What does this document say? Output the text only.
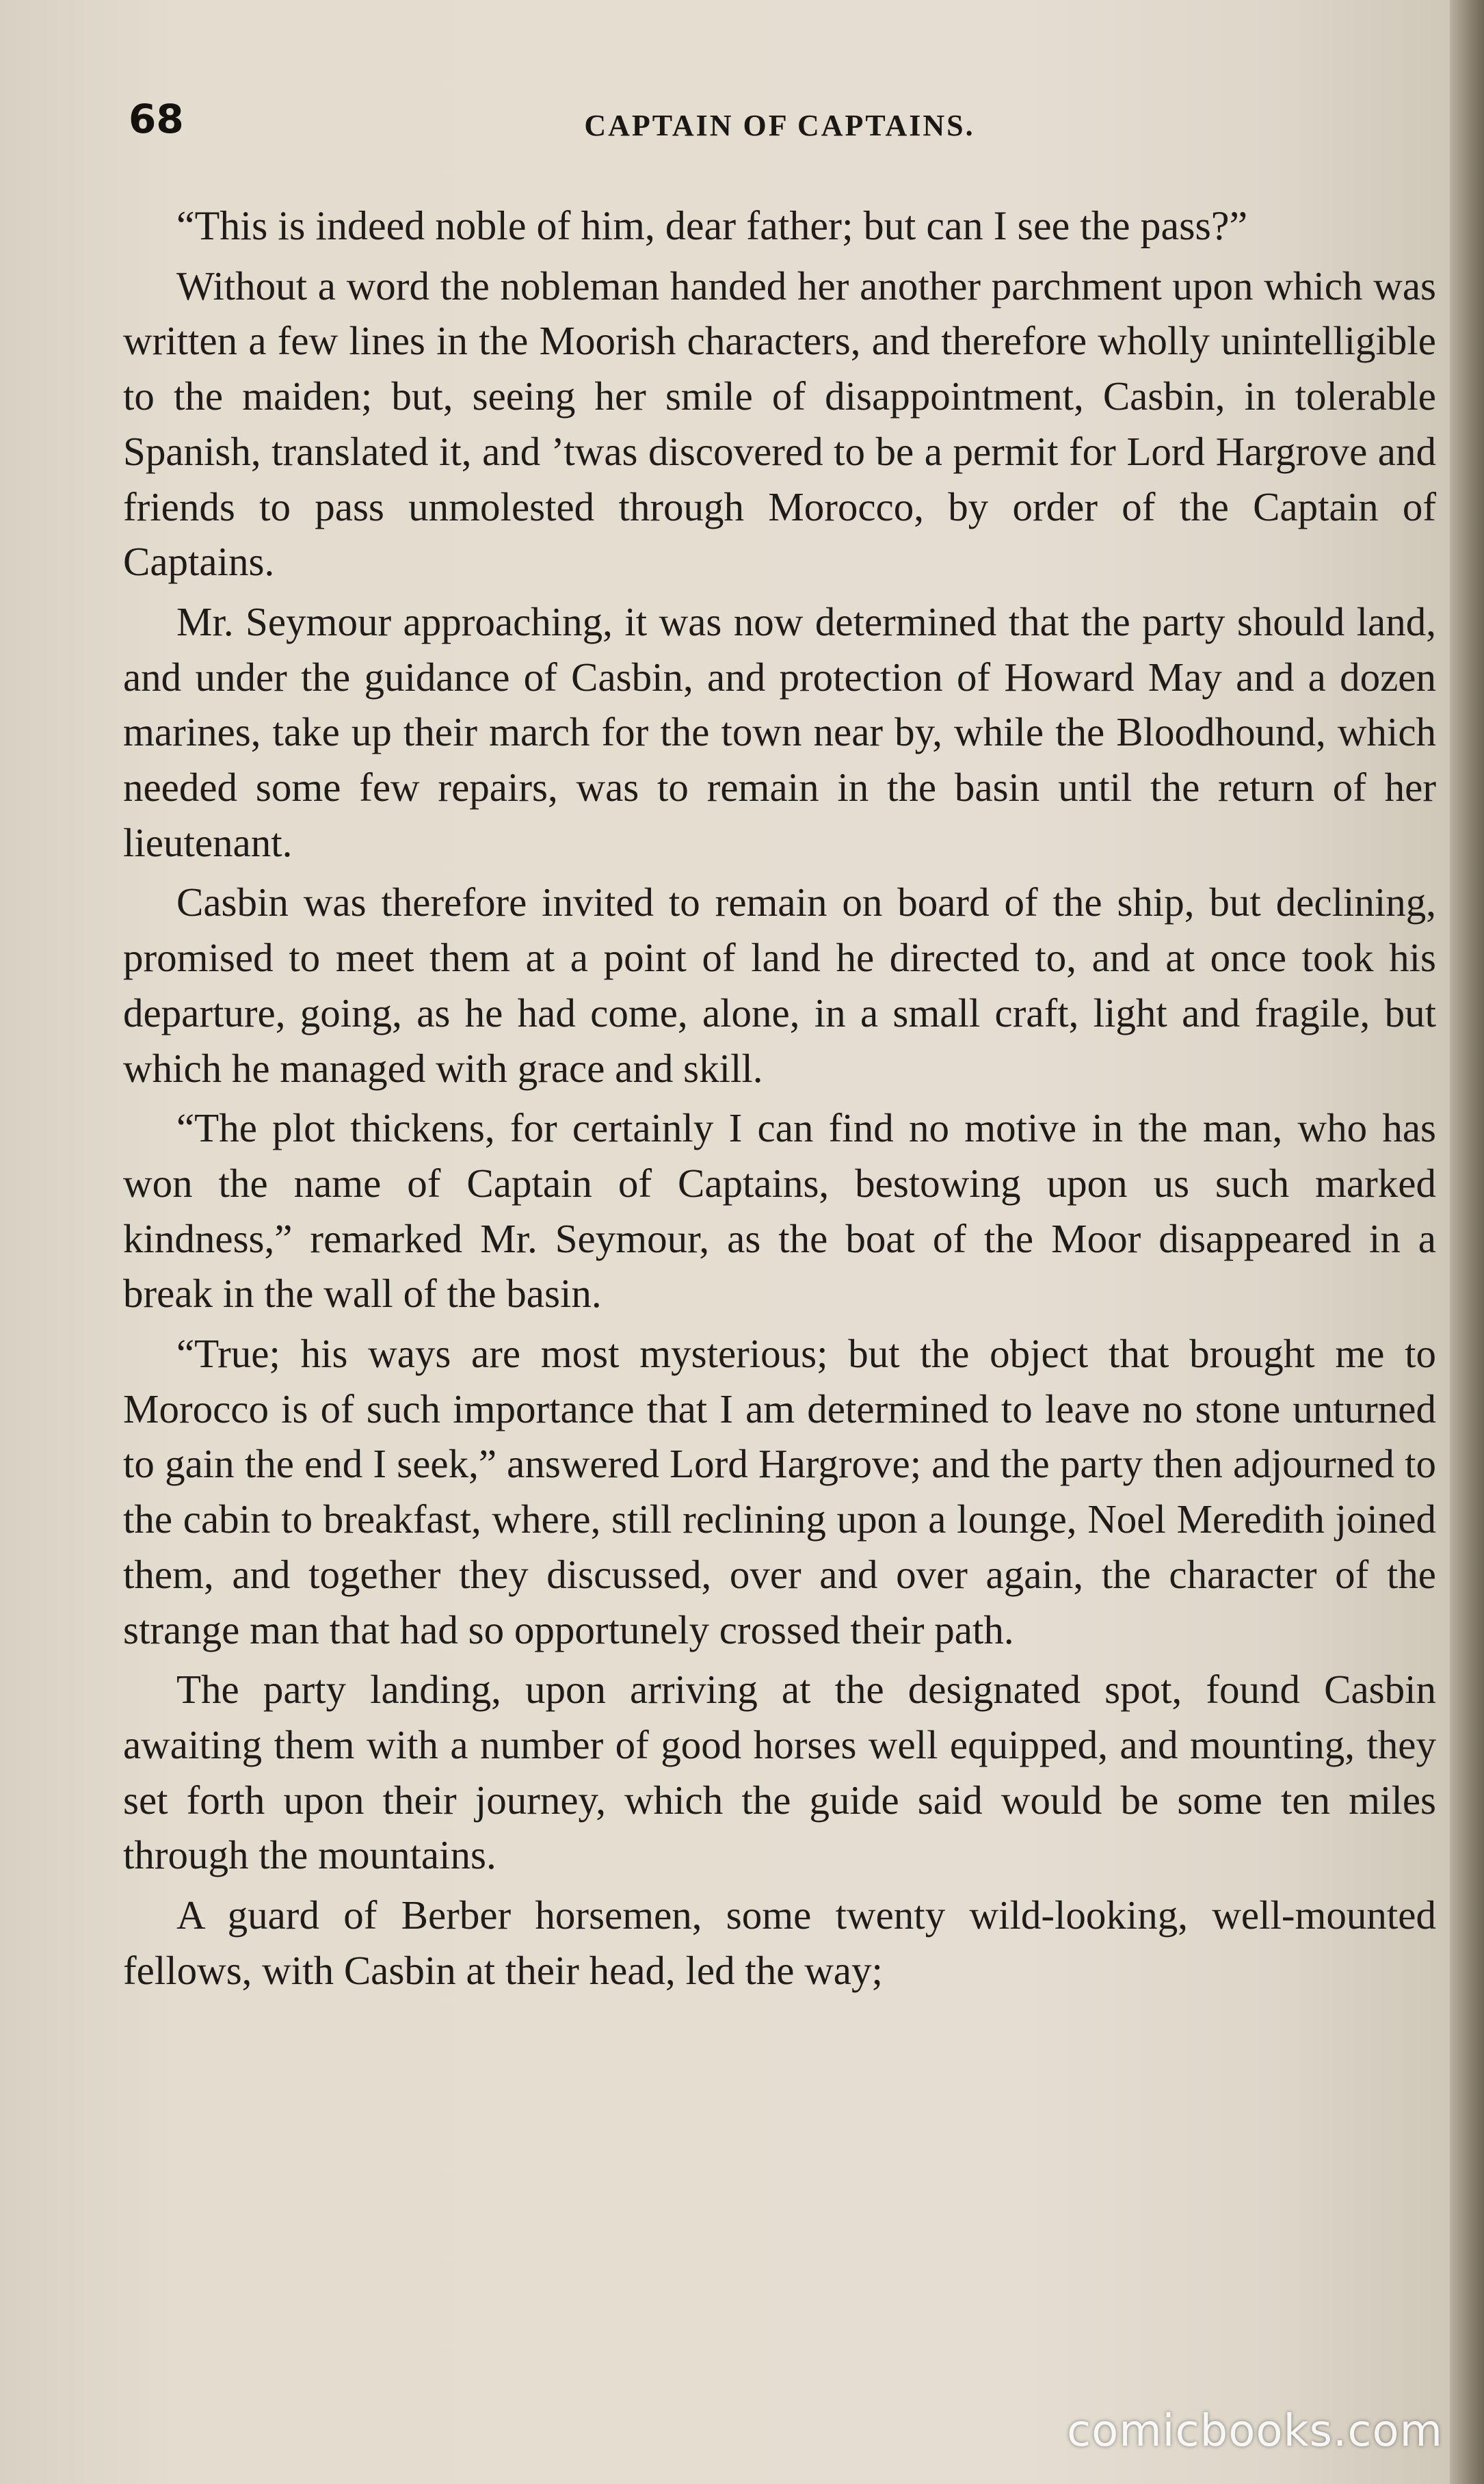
68	CAPTAIN OF CAPTAINS.

“This is indeed noble of him, dear father; but can I see the pass?”

Without a word the nobleman handed her another parchment upon which was written a few lines in the Moorish characters, and therefore wholly unintelligible to the maiden; but, seeing her smile of disappointment, Casbin, in tolerable Spanish, translated it, and ’twas discovered to be a permit for Lord Hargrove and friends to pass unmolested through Morocco, by order of the Captain of Captains.

Mr. Seymour approaching, it was now determined that the party should land, and under the guidance of Casbin, and protection of Howard May and a dozen marines, take up their march for the town near by, while the Bloodhound, which needed some few repairs, was to remain in the basin until the return of her lieutenant.

Casbin was therefore invited to remain on board of the ship, but declining, promised to meet them at a point of land he directed to, and at once took his departure, going, as he had come, alone, in a small craft, light and fragile, but which he managed with grace and skill.

“The plot thickens, for certainly I can find no motive in the man, who has won the name of Captain of Captains, bestowing upon us such marked kindness,” remarked Mr. Seymour, as the boat of the Moor disappeared in a break in the wall of the basin.

“True; his ways are most mysterious; but the object that brought me to Morocco is of such importance that I am determined to leave no stone unturned to gain the end I seek,” answered Lord Hargrove; and the party then adjourned to the cabin to breakfast, where, still reclining upon a lounge, Noel Meredith joined them, and together they discussed, over and over again, the character of the strange man that had so opportunely crossed their path.

The party landing, upon arriving at the designated spot, found Casbin awaiting them with a number of good horses well equipped, and mounting, they set forth upon their journey, which the guide said would be some ten miles through the mountains.

A guard of Berber horsemen, some twenty wild-looking, well-mounted fellows, with Casbin at their head, led the way;

comicbooks.com
